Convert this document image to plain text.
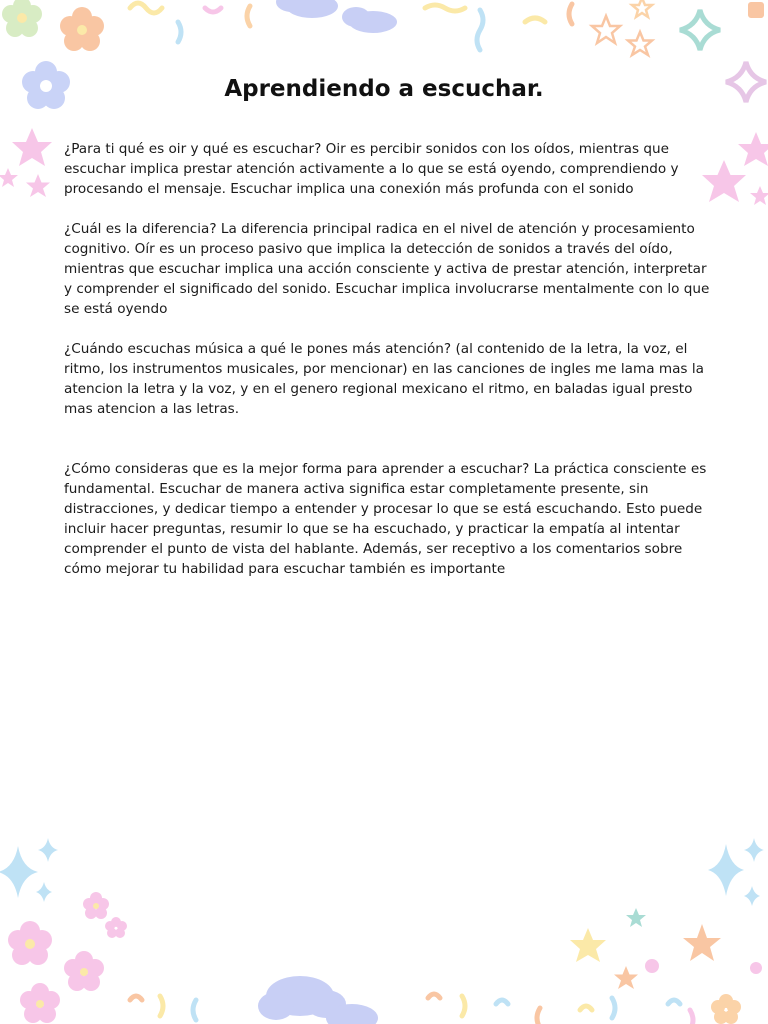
Aprendiendo a escuchar.

¿Para ti qué es oir y qué es escuchar? Oir es percibir sonidos con los oídos, mientras que escuchar implica prestar atención activamente a lo que se está oyendo, comprendiendo y procesando el mensaje. Escuchar implica una conexión más profunda con el sonido

¿Cuál es la diferencia? La diferencia principal radica en el nivel de atención y procesamiento cognitivo. Oír es un proceso pasivo que implica la detección de sonidos a través del oído, mientras que escuchar implica una acción consciente y activa de prestar atención, interpretar y comprender el significado del sonido. Escuchar implica involucrarse mentalmente con lo que se está oyendo

¿Cuándo escuchas música a qué le pones más atención? (al contenido de la letra, la voz, el ritmo, los instrumentos musicales, por mencionar) en las canciones de ingles me lama mas la atencion la letra y la voz, y en el genero regional mexicano el ritmo, en baladas igual presto mas atencion a las letras.

¿Cómo consideras que es la mejor forma para aprender a escuchar? La práctica consciente es fundamental. Escuchar de manera activa significa estar completamente presente, sin distracciones, y dedicar tiempo a entender y procesar lo que se está escuchando. Esto puede incluir hacer preguntas, resumir lo que se ha escuchado, y practicar la empatía al intentar comprender el punto de vista del hablante. Además, ser receptivo a los comentarios sobre cómo mejorar tu habilidad para escuchar también es importante
